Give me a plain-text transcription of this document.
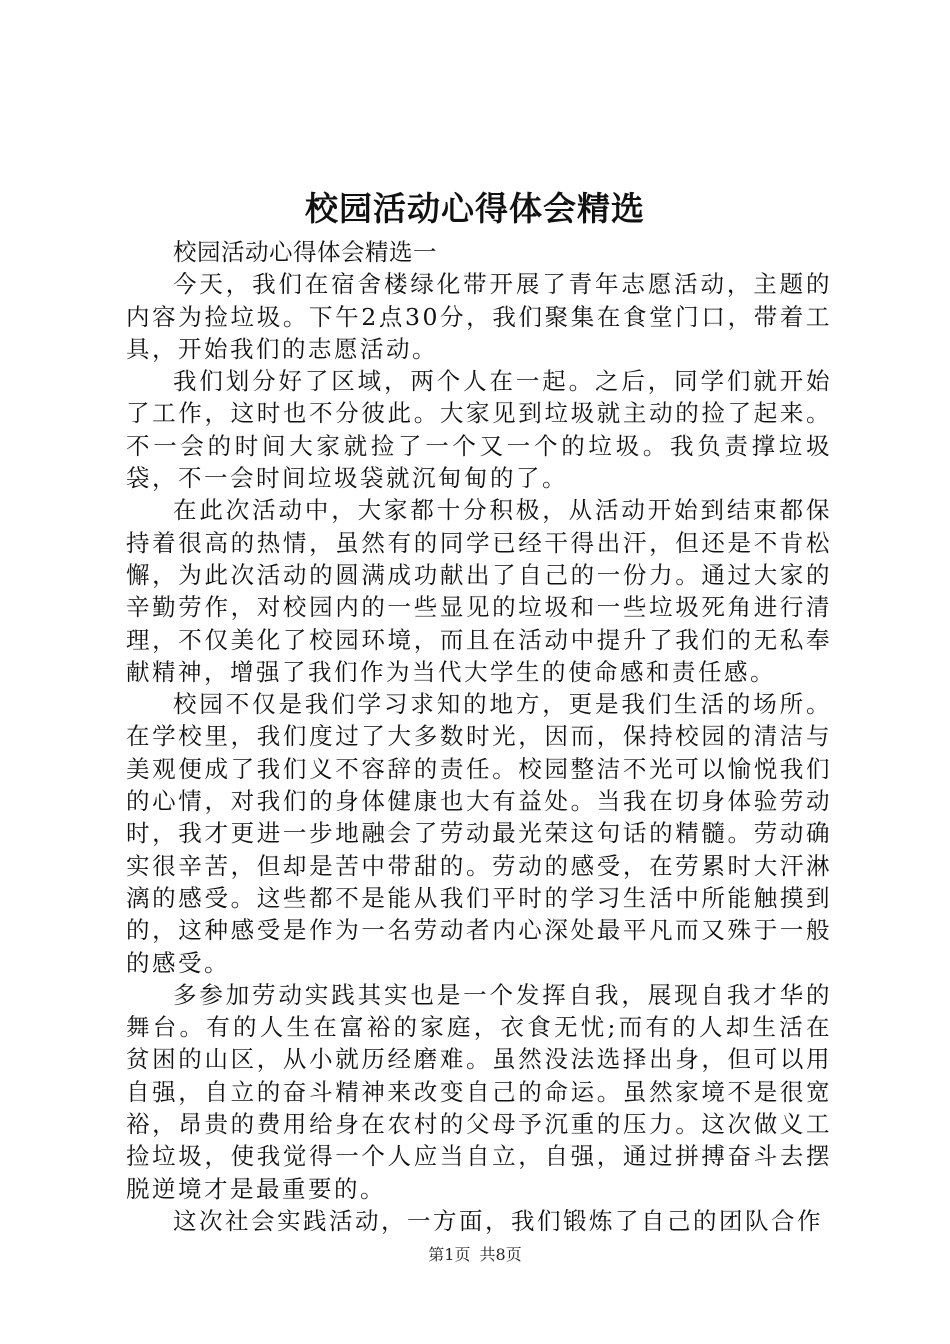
校园活动心得体会精选

校园活动心得体会精选一

今天，我们在宿舍楼绿化带开展了青年志愿活动，主题的内容为捡垃圾。下午2点30分，我们聚集在食堂门口，带着工具，开始我们的志愿活动。

我们划分好了区域，两个人在一起。之后，同学们就开始了工作，这时也不分彼此。大家见到垃圾就主动的捡了起来。不一会的时间大家就捡了一个又一个的垃圾。我负责撑垃圾袋，不一会时间垃圾袋就沉甸甸的了。

在此次活动中，大家都十分积极，从活动开始到结束都保持着很高的热情，虽然有的同学已经干得出汗，但还是不肯松懈，为此次活动的圆满成功献出了自己的一份力。通过大家的辛勤劳作，对校园内的一些显见的垃圾和一些垃圾死角进行清理，不仅美化了校园环境，而且在活动中提升了我们的无私奉献精神，增强了我们作为当代大学生的使命感和责任感。

校园不仅是我们学习求知的地方，更是我们生活的场所。在学校里，我们度过了大多数时光，因而，保持校园的清洁与美观便成了我们义不容辞的责任。校园整洁不光可以愉悦我们的心情，对我们的身体健康也大有益处。当我在切身体验劳动时，我才更进一步地融会了劳动最光荣这句话的精髓。劳动确实很辛苦，但却是苦中带甜的。劳动的感受，在劳累时大汗淋漓的感受。这些都不是能从我们平时的学习生活中所能触摸到的，这种感受是作为一名劳动者内心深处最平凡而又殊于一般的感受。

多参加劳动实践其实也是一个发挥自我，展现自我才华的舞台。有的人生在富裕的家庭，衣食无忧;而有的人却生活在贫困的山区，从小就历经磨难。虽然没法选择出身，但可以用自强，自立的奋斗精神来改变自己的命运。虽然家境不是很宽裕，昂贵的费用给身在农村的父母予沉重的压力。这次做义工捡垃圾，使我觉得一个人应当自立，自强，通过拼搏奋斗去摆脱逆境才是最重要的。

这次社会实践活动，一方面，我们锻炼了自己的团队合作

第1页 共8页
